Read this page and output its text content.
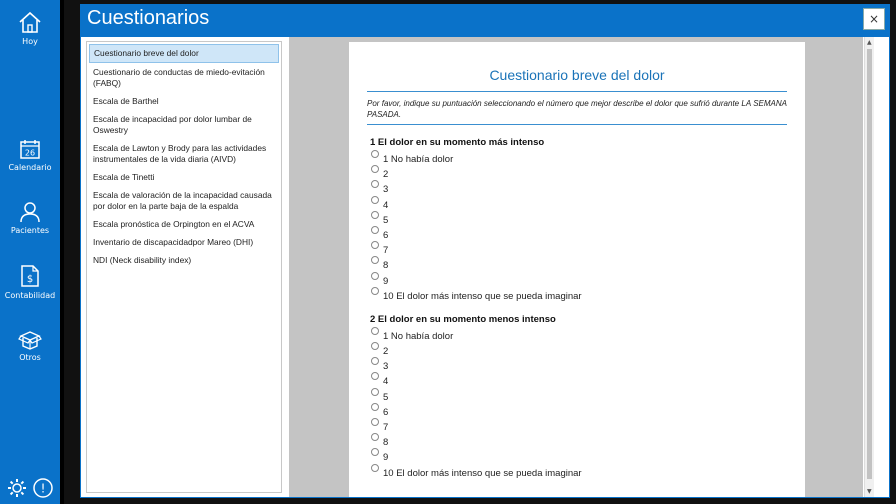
Hoy
26
Calendario
Pacientes
$
Contabilidad
Otros
!
Cuestionarios	×
Cuestionario breve del dolor
Cuestionario de conductas de miedo-evitación (FABQ)
Escala de Barthel
Escala de incapacidad por dolor lumbar de Oswestry
Escala de Lawton y Brody para las actividades instrumentales de la vida diaria (AIVD)
Escala de Tinetti
Escala de valoración de la incapacidad causada por dolor en la parte baja de la espalda
Escala pronóstica de Orpington en el ACVA
Inventario de discapacidadpor Mareo (DHI)
NDI (Neck disability index)
Cuestionario breve del dolor
Por favor, indique su puntuación seleccionando el número que mejor describe el dolor que sufrió durante LA SEMANA PASADA.
1 El dolor en su momento más intenso
1 No había dolor
2
3
4
5
6
7
8
9
10 El dolor más intenso que se pueda imaginar
2 El dolor en su momento menos intenso
1 No había dolor
2
3
4
5
6
7
8
9
10 El dolor más intenso que se pueda imaginar
▲
▼
